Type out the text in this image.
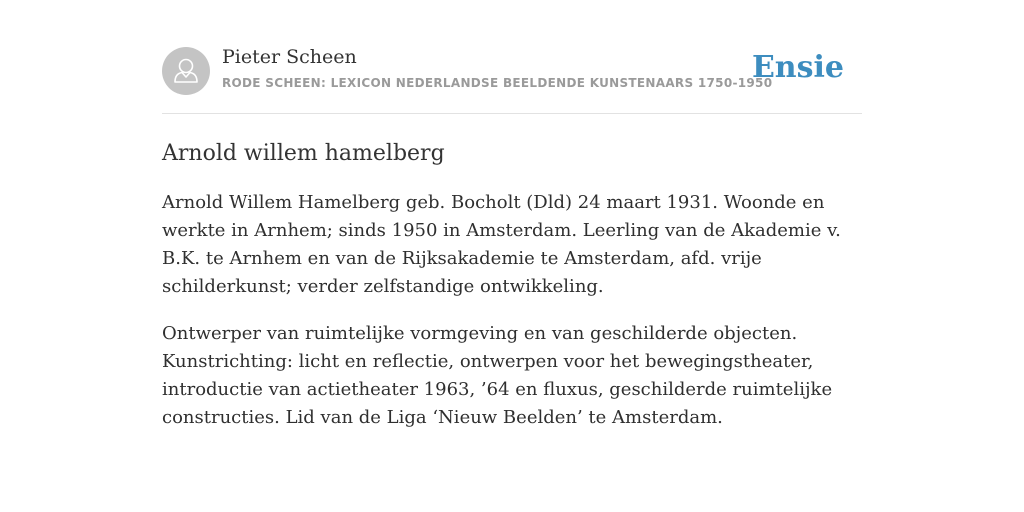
Pieter Scheen
RODE SCHEEN: LEXICON NEDERLANDSE BEELDENDE KUNSTENAARS 1750-1950
Ensie
Arnold willem hamelberg

Arnold Willem Hamelberg geb. Bocholt (Dld) 24 maart 1931. Woonde en werkte in Arnhem; sinds 1950 in Amsterdam. Leerling van de Akademie v. B.K. te Arnhem en van de Rijksakademie te Amsterdam, afd. vrije schilderkunst; verder zelfstandige ontwikkeling.

Ontwerper van ruimtelijke vormgeving en van geschilderde objecten. Kunstrichting: licht en reflectie, ontwerpen voor het bewegingstheater, introductie van actietheater 1963, ’64 en fluxus, geschilderde ruimtelijke constructies. Lid van de Liga ‘Nieuw Beelden’ te Amsterdam.
